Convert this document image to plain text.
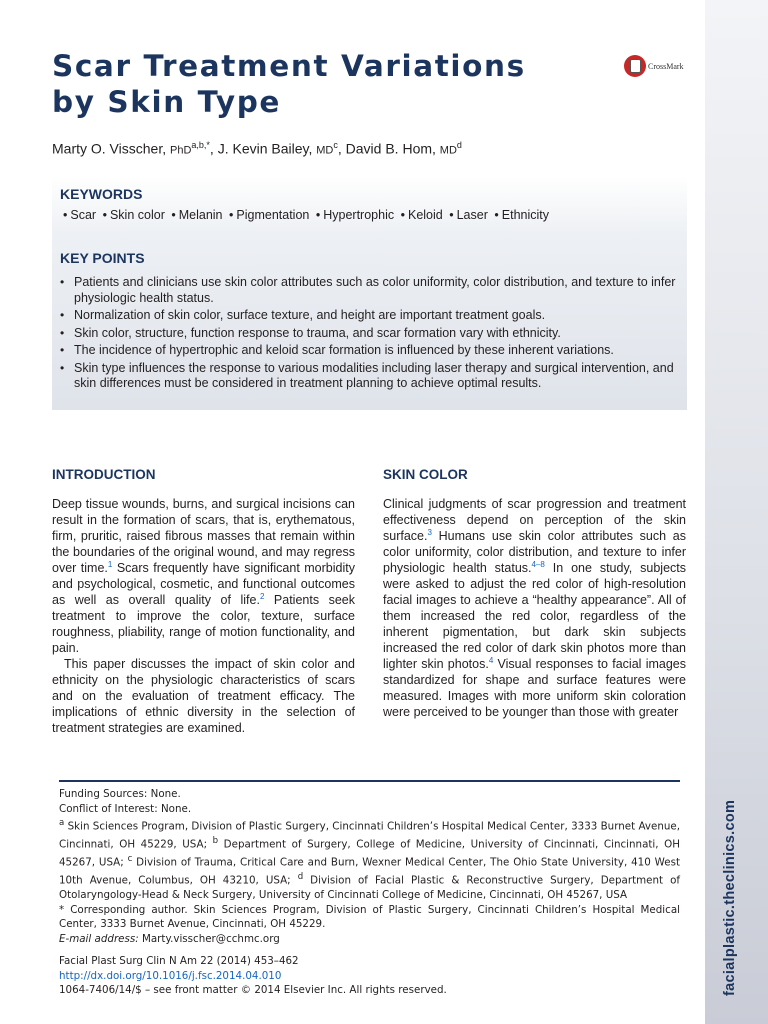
facialplastic.theclinics.com
Scar Treatment Variations
by Skin Type
CrossMark
Marty O. Visscher, PhD$^{a,b,*}$, J. Kevin Bailey, $MD^c$, David B. Hom, $MD^d$
KEYWORDS
• Scar • Skin color • Melanin • Pigmentation • Hypertrophic • Keloid • Laser • Ethnicity
KEY POINTS
• Patients and clinicians use skin color attributes such as color uniformity, color distribution, and texture to infer physiologic health status.
• Normalization of skin color, surface texture, and height are important treatment goals.
• Skin color, structure, function response to trauma, and scar formation vary with ethnicity.
• The incidence of hypertrophic and keloid scar formation is influenced by these inherent variations.
• Skin type influences the response to various modalities including laser therapy and surgical intervention, and skin differences must be considered in treatment planning to achieve optimal results.
INTRODUCTION

Deep tissue wounds, burns, and surgical incisions can result in the formation of scars, that is, erythematous, firm, pruritic, raised fibrous masses that remain within the boundaries of the original wound, and may regress over time.$^1$ Scars frequently have significant morbidity and psychological, cosmetic, and functional outcomes as well as overall quality of life.$^2$ Patients seek treatment to improve the color, texture, surface roughness, pliability, range of motion functionality, and pain.

This paper discusses the impact of skin color and ethnicity on the physiologic characteristics of scars and on the evaluation of treatment efficacy. The implications of ethnic diversity in the selection of treatment strategies are examined.

SKIN COLOR

Clinical judgments of scar progression and treatment effectiveness depend on perception of the skin surface.$^3$ Humans use skin color attributes such as color uniformity, color distribution, and texture to infer physiologic health status.$^{4-8}$ In one study, subjects were asked to adjust the red color of high-resolution facial images to achieve a “healthy appearance”. All of them increased the red color, regardless of the inherent pigmentation, but dark skin subjects increased the red color of dark skin photos more than lighter skin photos.$^4$ Visual responses to facial images standardized for shape and surface features were measured. Images with more uniform skin coloration were perceived to be younger than those with greater

Funding Sources: None.
Conflict of Interest: None.
$^a$ Skin Sciences Program, Division of Plastic Surgery, Cincinnati Children’s Hospital Medical Center, 3333 Burnet Avenue, Cincinnati, OH 45229, USA; $^b$ Department of Surgery, College of Medicine, University of Cincinnati, Cincinnati, OH 45267, USA; $^c$ Division of Trauma, Critical Care and Burn, Wexner Medical Center, The Ohio State University, 410 West 10th Avenue, Columbus, OH 43210, USA; $^d$ Division of Facial Plastic & Reconstructive Surgery, Department of Otolaryngology-Head & Neck Surgery, University of Cincinnati College of Medicine, Cincinnati, OH 45267, USA
* Corresponding author. Skin Sciences Program, Division of Plastic Surgery, Cincinnati Children’s Hospital Medical Center, 3333 Burnet Avenue, Cincinnati, OH 45229.
E-mail address: Marty.visscher@cchmc.org
Facial Plast Surg Clin N Am 22 (2014) 453–462
http://dx.doi.org/10.1016/j.fsc.2014.04.010
1064-7406/14/$ – see front matter © 2014 Elsevier Inc. All rights reserved.
